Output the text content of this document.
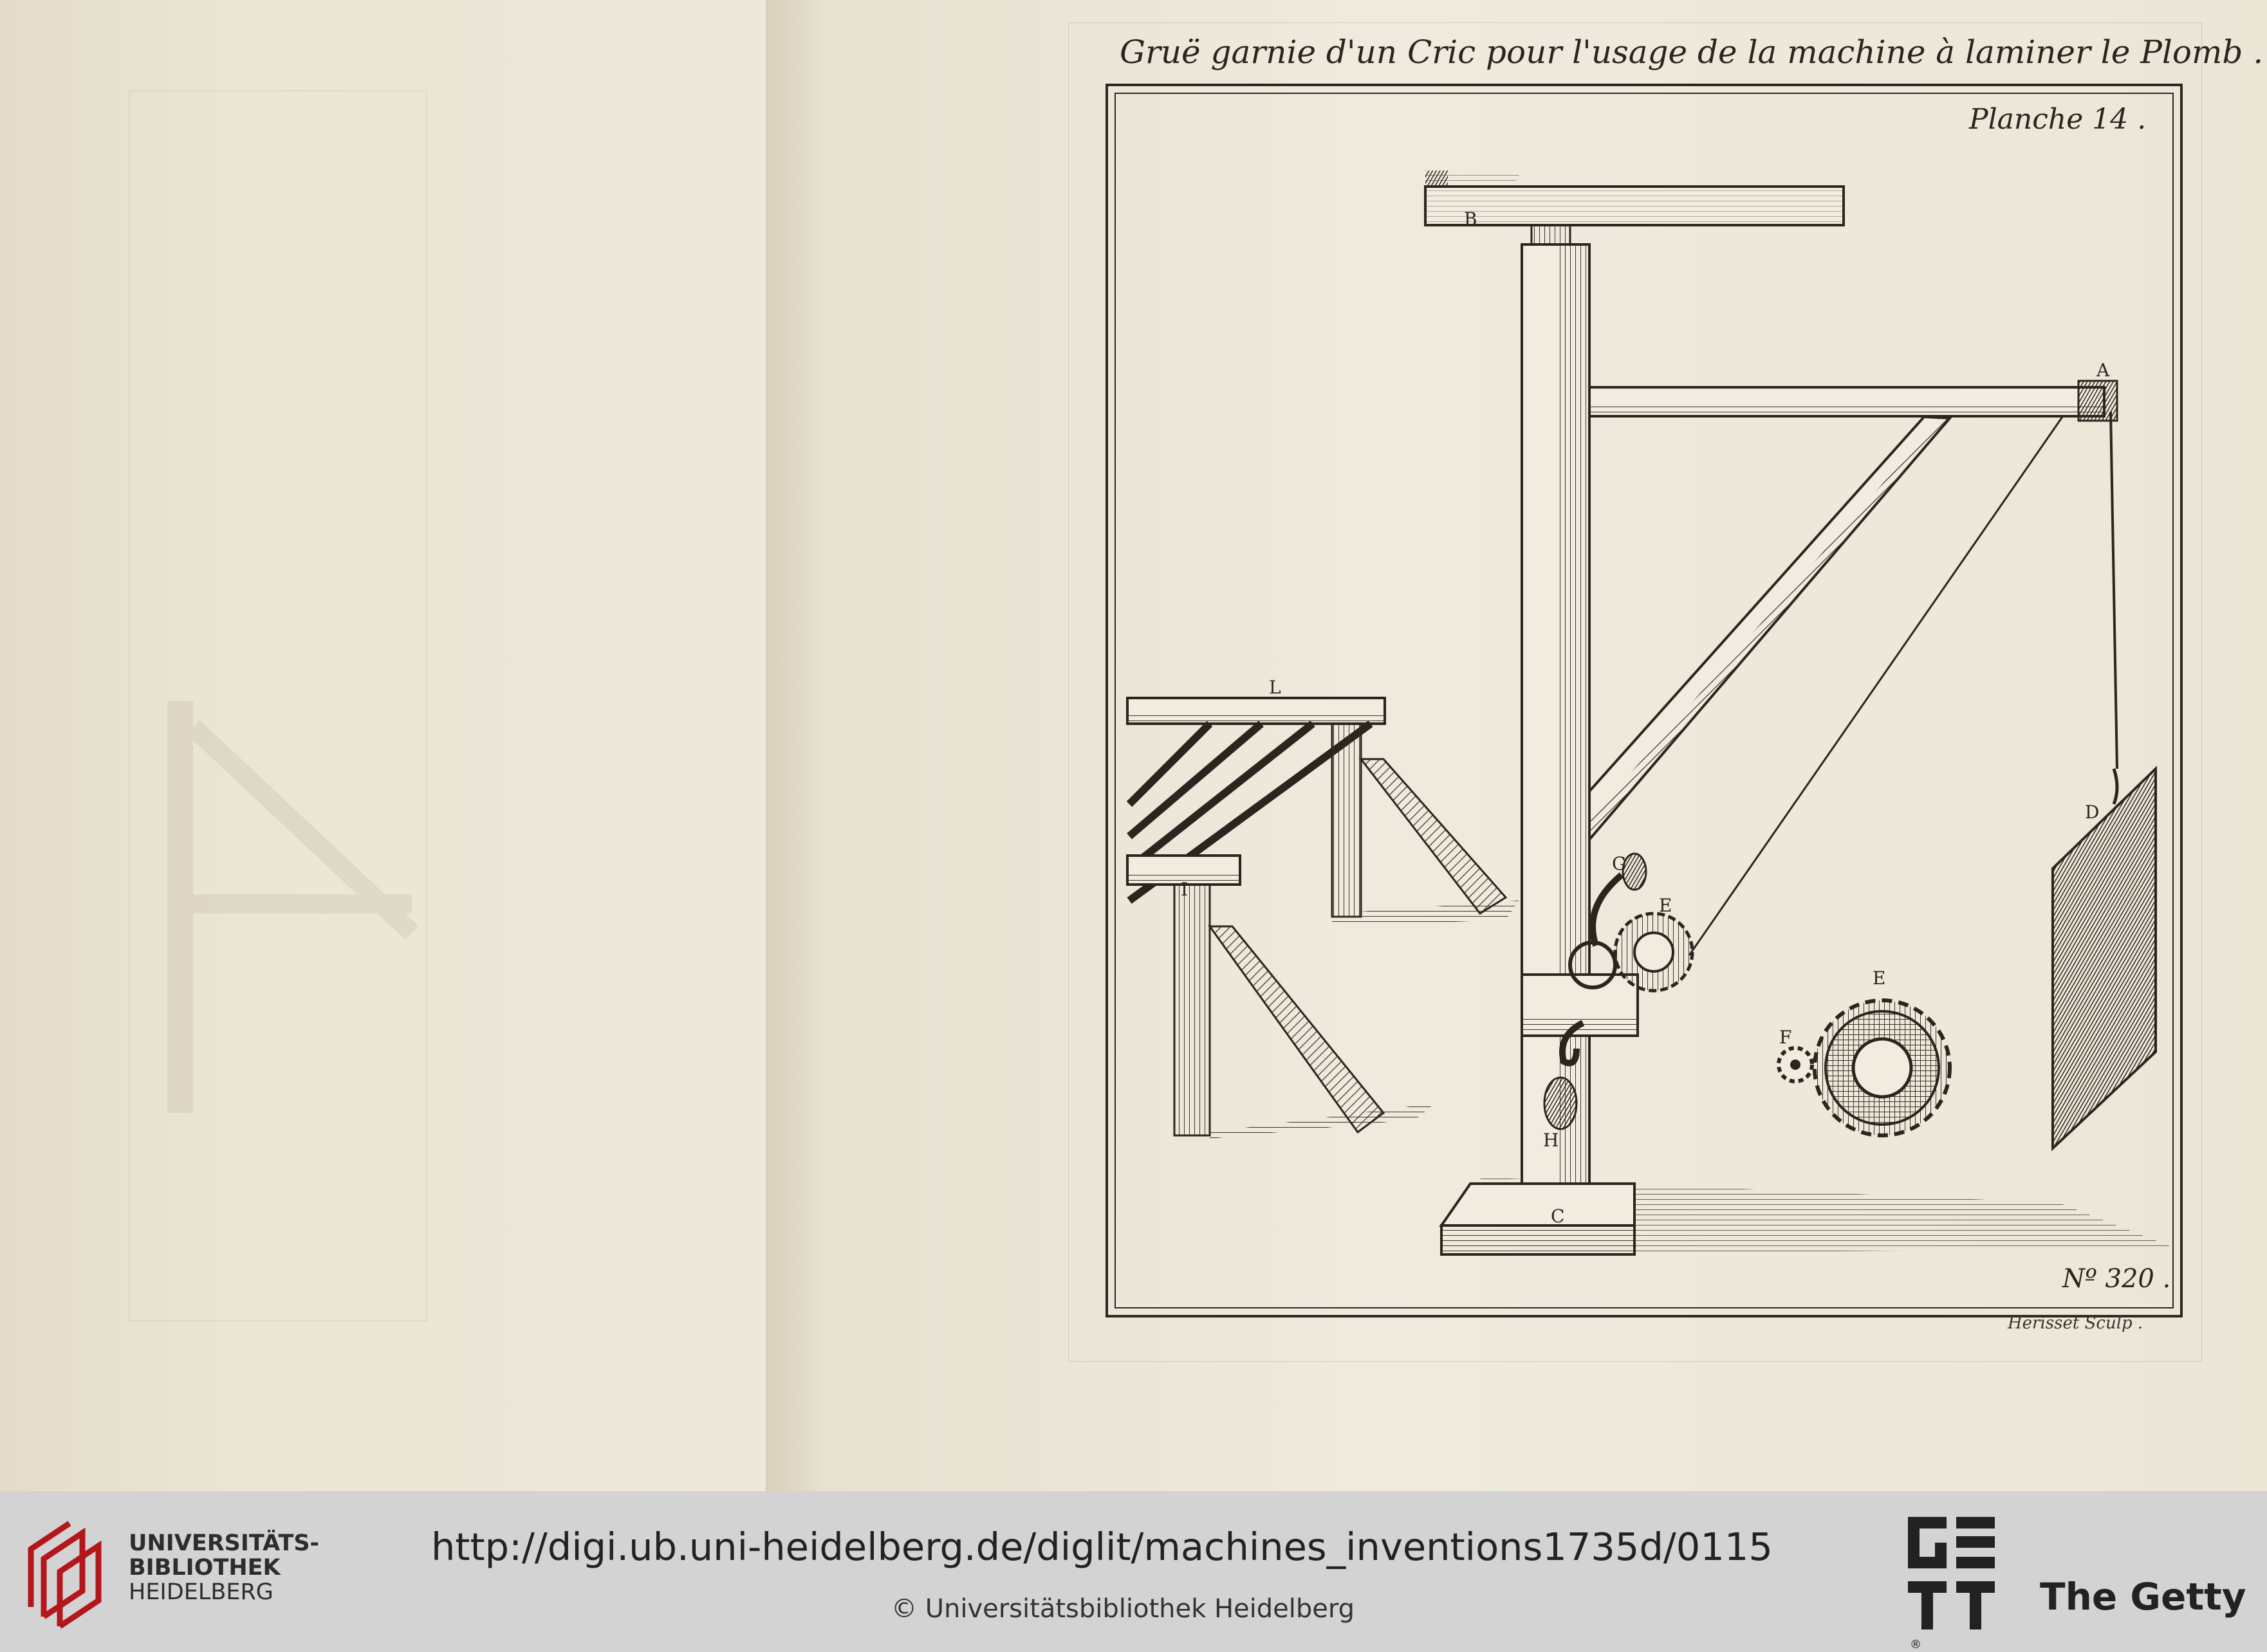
Gruë garnie d'un Cric pour l'usage de la machine à laminer le Plomb .
Planche 14 .
B
A
D
L
I
G
E
E
F
H
C
Nº 320 .
Herisset Sculp .
UNIVERSITÄTS-
BIBLIOTHEK
HEIDELBERG
http://digi.ub.uni-heidelberg.de/diglit/machines_inventions1735d/0115
© Universitätsbibliothek Heidelberg
®
The Getty
